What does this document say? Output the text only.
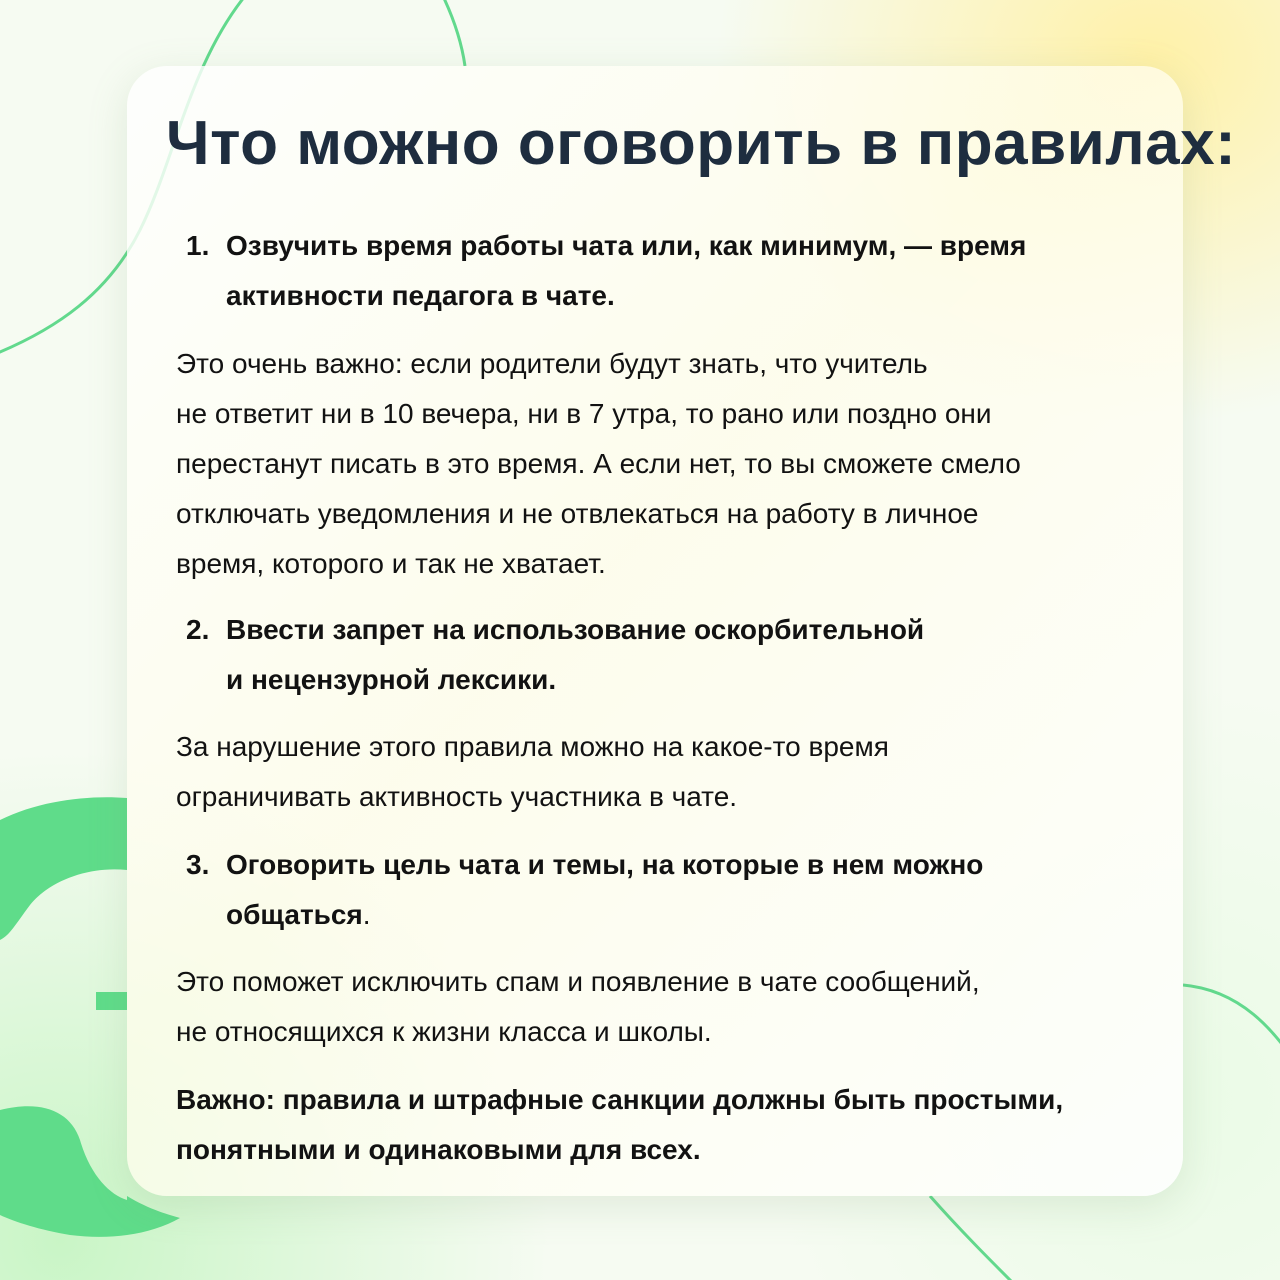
Что можно оговорить в правилах:
1. Озвучить время работы чата или, как минимум, — время
активности педагога в чате.
Это очень важно: если родители будут знать, что учитель
не ответит ни в 10 вечера, ни в 7 утра, то рано или поздно они
перестанут писать в это время. А если нет, то вы сможете смело
отключать уведомления и не отвлекаться на работу в личное
время, которого и так не хватает.
2. Ввести запрет на использование оскорбительной
и нецензурной лексики.
За нарушение этого правила можно на какое-то время
ограничивать активность участника в чате.
3. Оговорить цель чата и темы, на которые в нем можно
общаться.
Это поможет исключить спам и появление в чате сообщений,
не относящихся к жизни класса и школы.
Важно: правила и штрафные санкции должны быть простыми,
понятными и одинаковыми для всех.
